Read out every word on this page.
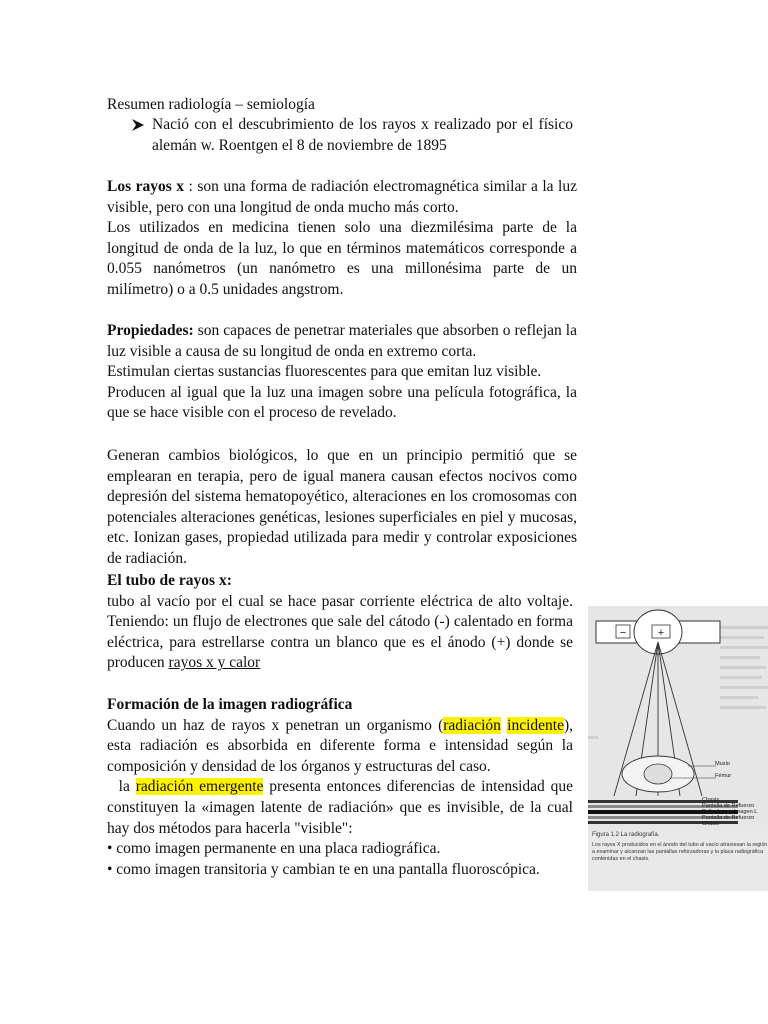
Resumen radiología – semiología

Nació con el descubrimiento de los rayos x realizado por el físico alemán w. Roentgen el 8 de noviembre de 1895

Los rayos x : son una forma de radiación electromagnética similar a la luz visible, pero con una longitud de onda mucho más corto.

Los utilizados en medicina tienen solo una diezmilésima parte de la longitud de onda de la luz, lo que en términos matemáticos corresponde a 0.055 nanómetros (un nanómetro es una millonésima parte de un milímetro) o a 0.5 unidades angstrom.

Propiedades: son capaces de penetrar materiales que absorben o reflejan la luz visible a causa de su longitud de onda en extremo corta.

Estimulan ciertas sustancias fluorescentes para que emitan luz visible.

Producen al igual que la luz una imagen sobre una película fotográfica, la que se hace visible con el proceso de revelado.

Generan cambios biológicos, lo que en un principio permitió que se emplearan en terapia, pero de igual manera causan efectos nocivos como depresión del sistema hematopoyético, alteraciones en los cromosomas con potenciales alteraciones genéticas, lesiones superficiales en piel y mucosas, etc. Ionizan gases, propiedad utilizada para medir y controlar exposiciones de radiación.

El tubo de rayos x:

tubo al vacío por el cual se hace pasar corriente eléctrica de alto voltaje. Teniendo: un flujo de electrones que sale del cátodo (-) calentado en forma eléctrica, para estrellarse contra un blanco que es el ánodo (+) donde se producen rayos x y calor

Formación de la imagen radiográfica

Cuando un haz de rayos x penetran un organismo (radiación incidente), esta radiación es absorbida en diferente forma e intensidad según la composición y densidad de los órganos y estructuras del caso.

la radiación emergente presenta entonces diferencias de intensidad que constituyen la «imagen latente de radiación» que es invisible, de la cual hay dos métodos para hacerla "visible":

• como imagen permanente en una placa radiográfica.

• como imagen transitoria y cambian te en una pantalla fluoroscópica.

−	+
Muslo
Fémur
Chasis
Pantalla de Refuerzo
Película con Imagen L
Pantalla de Refuerzo
Chasis
Figura 1.2 La radiografía.
Los rayos X producidos en el ánodo del tubo al vacío atraviesan la región a examinar y alcanzan las pantallas reforzadoras y la placa radiográfica contenidas en el chasis.
